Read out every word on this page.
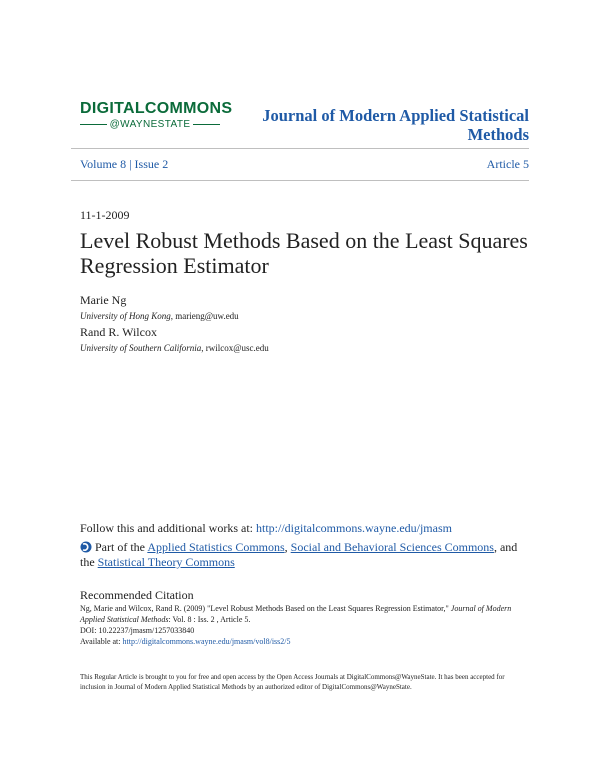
DIGITALCOMMONS
@WAYNESTATE	Journal of Modern Applied Statistical Methods
Volume 8 | Issue 2	Article 5
11-1-2009
Level Robust Methods Based on the Least Squares Regression Estimator
Marie Ng
University of Hong Kong, marieng@uw.edu
Rand R. Wilcox
University of Southern California, rwilcox@usc.edu
Follow this and additional works at: http://digitalcommons.wayne.edu/jmasm
Part of the Applied Statistics Commons, Social and Behavioral Sciences Commons, and the Statistical Theory Commons
Recommended Citation
Ng, Marie and Wilcox, Rand R. (2009) "Level Robust Methods Based on the Least Squares Regression Estimator," Journal of Modern Applied Statistical Methods: Vol. 8 : Iss. 2 , Article 5.
DOI: 10.22237/jmasm/1257033840
Available at: http://digitalcommons.wayne.edu/jmasm/vol8/iss2/5
This Regular Article is brought to you for free and open access by the Open Access Journals at DigitalCommons@WayneState. It has been accepted for inclusion in Journal of Modern Applied Statistical Methods by an authorized editor of DigitalCommons@WayneState.
